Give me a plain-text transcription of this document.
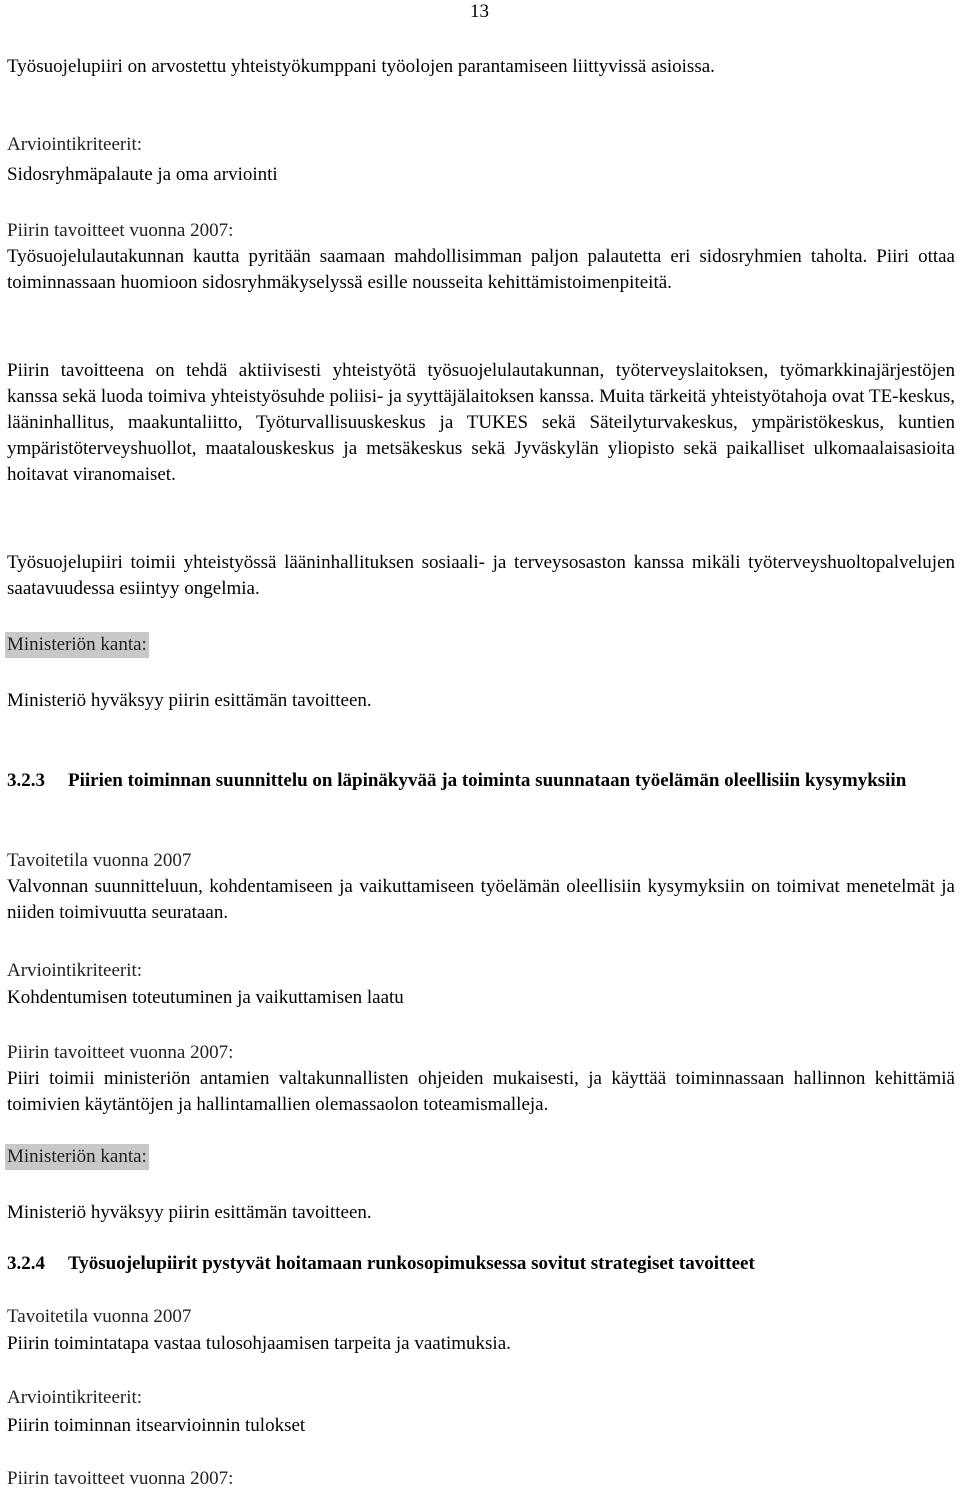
13

Työsuojelupiiri on arvostettu yhteistyökumppani työolojen parantamiseen liittyvissä asioissa.

Arviointikriteerit:

Sidosryhmäpalaute ja oma arviointi

Piirin tavoitteet vuonna 2007:

Työsuojelulautakunnan kautta pyritään saamaan mahdollisimman paljon palautetta eri sidosryhmien taholta. Piiri ottaa toiminnassaan huomioon sidosryhmäkyselyssä esille nousseita kehittämistoimenpiteitä.

Piirin tavoitteena on tehdä aktiivisesti yhteistyötä työsuojelulautakunnan, työterveyslaitoksen, työmarkkinajärjestöjen kanssa sekä luoda toimiva yhteistyösuhde poliisi- ja syyttäjälaitoksen kanssa. Muita tärkeitä yhteistyötahoja ovat TE-keskus, lääninhallitus, maakuntaliitto, Työturvallisuuskeskus ja TUKES sekä Säteilyturvakeskus, ympäristökeskus, kuntien ympäristöterveyshuollot, maatalouskeskus ja metsäkeskus sekä Jyväskylän yliopisto sekä paikalliset ulkomaalaisasioita hoitavat viranomaiset.

Työsuojelupiiri toimii yhteistyössä lääninhallituksen sosiaali- ja terveysosaston kanssa mikäli työterveyshuoltopalvelujen saatavuudessa esiintyy ongelmia.

Ministeriön kanta:

Ministeriö hyväksyy piirin esittämän tavoitteen.

3.2.3	Piirien toiminnan suunnittelu on läpinäkyvää ja toiminta suunnataan työelämän oleellisiin kysymyksiin

Tavoitetila vuonna 2007

Valvonnan suunnitteluun, kohdentamiseen ja vaikuttamiseen työelämän oleellisiin kysymyksiin on toimivat menetelmät ja niiden toimivuutta seurataan.

Arviointikriteerit:

Kohdentumisen toteutuminen ja vaikuttamisen laatu

Piirin tavoitteet vuonna 2007:

Piiri toimii ministeriön antamien valtakunnallisten ohjeiden mukaisesti, ja käyttää toiminnassaan hallinnon kehittämiä toimivien käytäntöjen ja hallintamallien olemassaolon toteamismalleja.

Ministeriön kanta:

Ministeriö hyväksyy piirin esittämän tavoitteen.

3.2.4	Työsuojelupiirit pystyvät hoitamaan runkosopimuksessa sovitut strategiset tavoitteet

Tavoitetila vuonna 2007

Piirin toimintatapa vastaa tulosohjaamisen tarpeita ja vaatimuksia.

Arviointikriteerit:

Piirin toiminnan itsearvioinnin tulokset

Piirin tavoitteet vuonna 2007:
